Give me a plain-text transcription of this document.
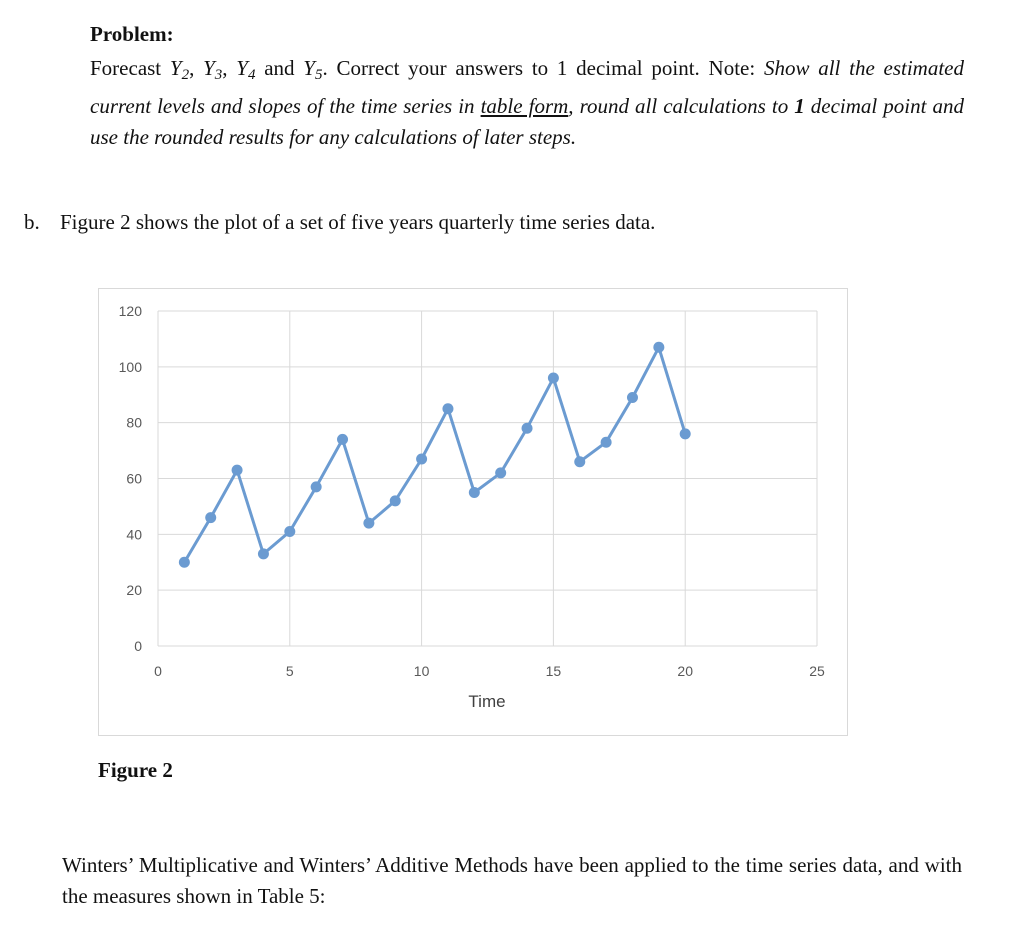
Problem:

Forecast $Y_2$, $Y_3$, $Y_4$ and $Y_5$. Correct your answers to 1 decimal point. Note: Show all the estimated current levels and slopes of the time series in table form, round all calculations to 1 decimal point and use the rounded results for any calculations of later steps.

b. Figure 2 shows the plot of a set of five years quarterly time series data.
0
20
40
60
80
100
120
0	5	10	15	20	25
Time
Figure 2

Winters’ Multiplicative and Winters’ Additive Methods have been applied to the time series data, and with the measures shown in Table 5:
